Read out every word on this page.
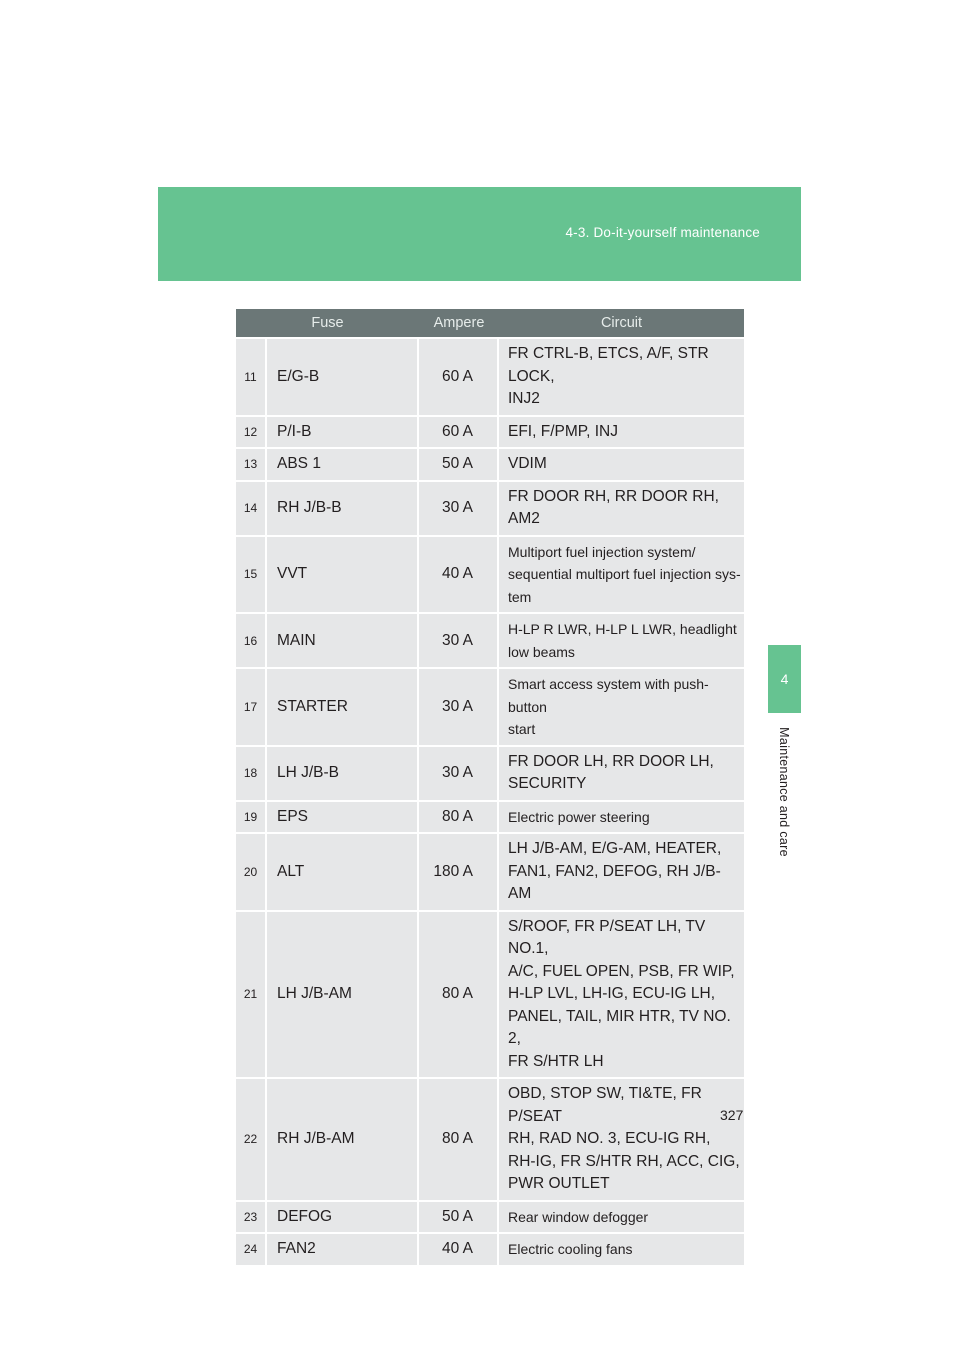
4-3. Do-it-yourself maintenance
4
Maintenance and care
Fuse		Ampere	Circuit
11	E/G-B	60 A	FR CTRL-B, ETCS, A/F, STR LOCK,
INJ2

12	P/I-B	60 A	EFI, F/PMP, INJ

13	ABS 1	50 A	VDIM

14	RH J/B-B	30 A	FR DOOR RH, RR DOOR RH, AM2

15	VVT	40 A	Multiport fuel injection system/
sequential multiport fuel injection sys-
tem

16	MAIN	30 A	H-LP R LWR, H-LP L LWR, headlight
low beams

17	STARTER	30 A	Smart access system with push-button
start

18	LH J/B-B	30 A	FR DOOR LH, RR DOOR LH,
SECURITY

19	EPS	80 A	Electric power steering

20	ALT	180 A	LH J/B-AM, E/G-AM, HEATER,
FAN1, FAN2, DEFOG, RH J/B-AM

21	LH J/B-AM	80 A	S/ROOF, FR P/SEAT LH, TV NO.1,
A/C, FUEL OPEN, PSB, FR WIP,
H-LP LVL, LH-IG, ECU-IG LH,
PANEL, TAIL, MIR HTR, TV NO. 2,
FR S/HTR LH

22	RH J/B-AM	80 A	OBD, STOP SW, TI&TE, FR P/SEAT
RH, RAD NO. 3, ECU-IG RH,
RH-IG, FR S/HTR RH, ACC, CIG,
PWR OUTLET

23	DEFOG	50 A	Rear window defogger

24	FAN2	40 A	Electric cooling fans
327
